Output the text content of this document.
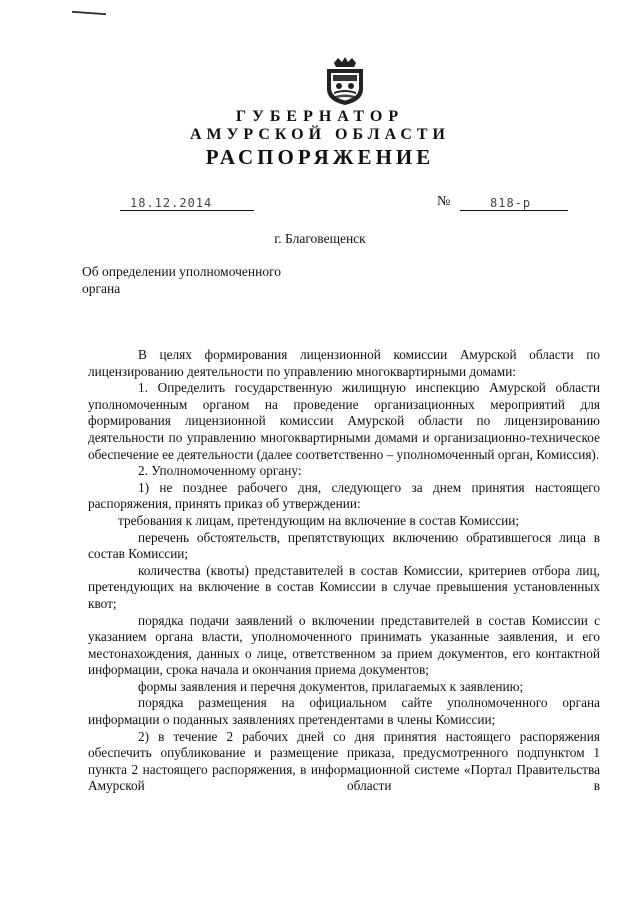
ГУБЕРНАТОР
АМУРСКОЙ ОБЛАСТИ
РАСПОРЯЖЕНИЕ
18.12.2014	№	818-р
г. Благовещенск
Об определении уполномоченного
органа

В целях формирования лицензионной комиссии Амурской области по лицензированию деятельности по управлению многоквартирными домами:

1. Определить государственную жилищную инспекцию Амурской области уполномоченным органом на проведение организационных мероприятий для формирования лицензионной комиссии Амурской области по лицензированию деятельности по управлению многоквартирными домами и организационно-техническое обеспечение ее деятельности (далее соответственно – уполномоченный орган, Комиссия).

2. Уполномоченному органу:

1) не позднее рабочего дня, следующего за днем принятия настоящего распоряжения, принять приказ об утверждении:

требования к лицам, претендующим на включение в состав Комиссии;

перечень обстоятельств, препятствующих включению обратившегося лица в состав Комиссии;

количества (квоты) представителей в состав Комиссии, критериев отбора лиц, претендующих на включение в состав Комиссии в случае превышения установленных квот;

порядка подачи заявлений о включении представителей в состав Комиссии с указанием органа власти, уполномоченного принимать указанные заявления, и его местонахождения, данных о лице, ответственном за прием документов, его контактной информации, срока начала и окончания приема документов;

формы заявления и перечня документов, прилагаемых к заявлению;

порядка размещения на официальном сайте уполномоченного органа информации о поданных заявлениях претендентами в члены Комиссии;

2) в течение 2 рабочих дней со дня принятия настоящего распоряжения обеспечить опубликование и размещение приказа, предусмотренного подпунктом 1 пункта 2 настоящего распоряжения, в информационной системе «Портал Правительства Амурской области в
